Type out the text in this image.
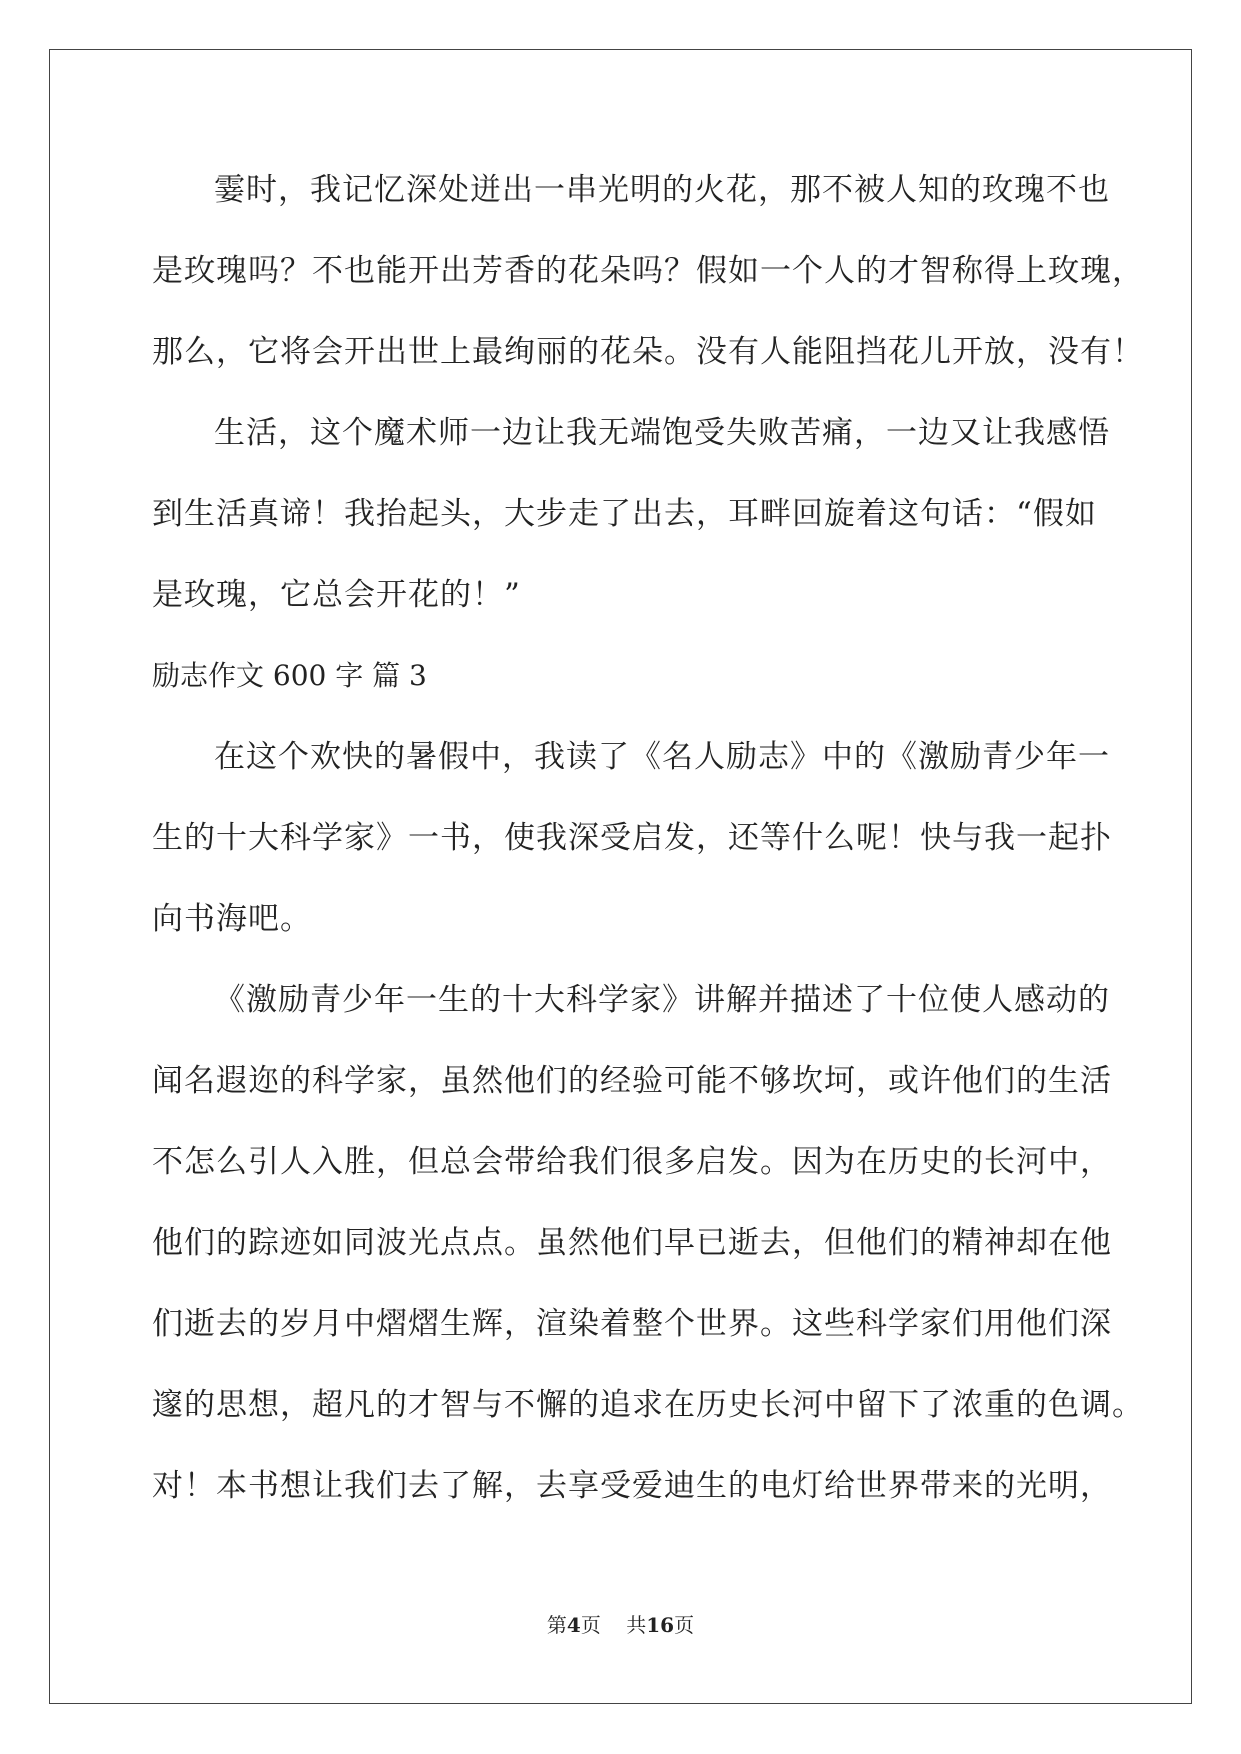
霎时，我记忆深处迸出一串光明的火花，那不被人知的玫瑰不也
是玫瑰吗？不也能开出芳香的花朵吗？假如一个人的才智称得上玫瑰，
那么，它将会开出世上最绚丽的花朵。没有人能阻挡花儿开放，没有！
生活，这个魔术师一边让我无端饱受失败苦痛，一边又让我感悟
到生活真谛！我抬起头，大步走了出去，耳畔回旋着这句话：“假如
是玫瑰，它总会开花的！”
励志作文 600 字 篇 3
在这个欢快的暑假中，我读了《名人励志》中的《激励青少年一
生的十大科学家》一书，使我深受启发，还等什么呢！快与我一起扑
向书海吧。
《激励青少年一生的十大科学家》讲解并描述了十位使人感动的
闻名遐迩的科学家，虽然他们的经验可能不够坎坷，或许他们的生活
不怎么引人入胜，但总会带给我们很多启发。因为在历史的长河中，
他们的踪迹如同波光点点。虽然他们早已逝去，但他们的精神却在他
们逝去的岁月中熠熠生辉，渲染着整个世界。这些科学家们用他们深
邃的思想，超凡的才智与不懈的追求在历史长河中留下了浓重的色调。
对！本书想让我们去了解，去享受爱迪生的电灯给世界带来的光明，
第4页 共16页
